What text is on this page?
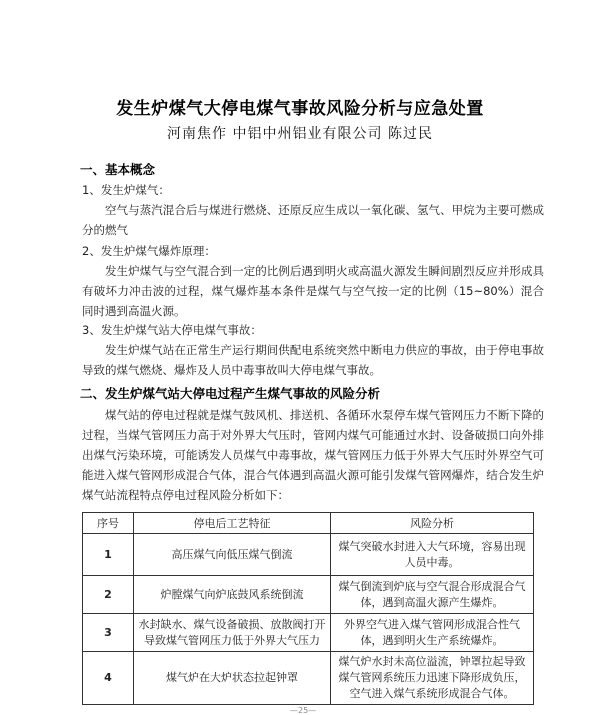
发生炉煤气大停电煤气事故风险分析与应急处置
河南焦作 中铝中州铝业有限公司 陈过民
一、基本概念
1、发生炉煤气：
空气与蒸汽混合后与煤进行燃烧、还原反应生成以一氧化碳、氢气、甲烷为主要可燃成分的燃气
2、发生炉煤气爆炸原理：
发生炉煤气与空气混合到一定的比例后遇到明火或高温火源发生瞬间剧烈反应并形成具有破坏力冲击波的过程，煤气爆炸基本条件是煤气与空气按一定的比例（15~80%）混合同时遇到高温火源。
3、发生炉煤气站大停电煤气事故：
发生炉煤气站在正常生产运行期间供配电系统突然中断电力供应的事故，由于停电事故导致的煤气燃烧、爆炸及人员中毒事故叫大停电煤气事故。
二、发生炉煤气站大停电过程产生煤气事故的风险分析
煤气站的停电过程就是煤气鼓风机、排送机、各循环水泵停车煤气管网压力不断下降的过程，当煤气管网压力高于对外界大气压时，管网内煤气可能通过水封、设备破损口向外排出煤气污染环境，可能诱发人员煤气中毒事故，煤气管网压力低于外界大气压时外界空气可能进入煤气管网形成混合气体，混合气体遇到高温火源可能引发煤气管网爆炸，结合发生炉煤气站流程特点停电过程风险分析如下：
序号	停电后工艺特征	风险分析
1	高压煤气向低压煤气倒流	煤气突破水封进入大气环境，容易出现人员中毒。
2	炉膛煤气向炉底鼓风系统倒流	煤气倒流到炉底与空气混合形成混合气体，遇到高温火源产生爆炸。
3	水封缺水、煤气设备破损、放散阀打开导致煤气管网压力低于外界大气压力	外界空气进入煤气管网形成混合性气体，遇到明火生产系统爆炸。
4	煤气炉在大炉状态拉起钟罩	煤气炉水封未高位溢流，钟罩拉起导致煤气管网系统压力迅速下降形成负压，空气进入煤气系统形成混合气体。
—25—
